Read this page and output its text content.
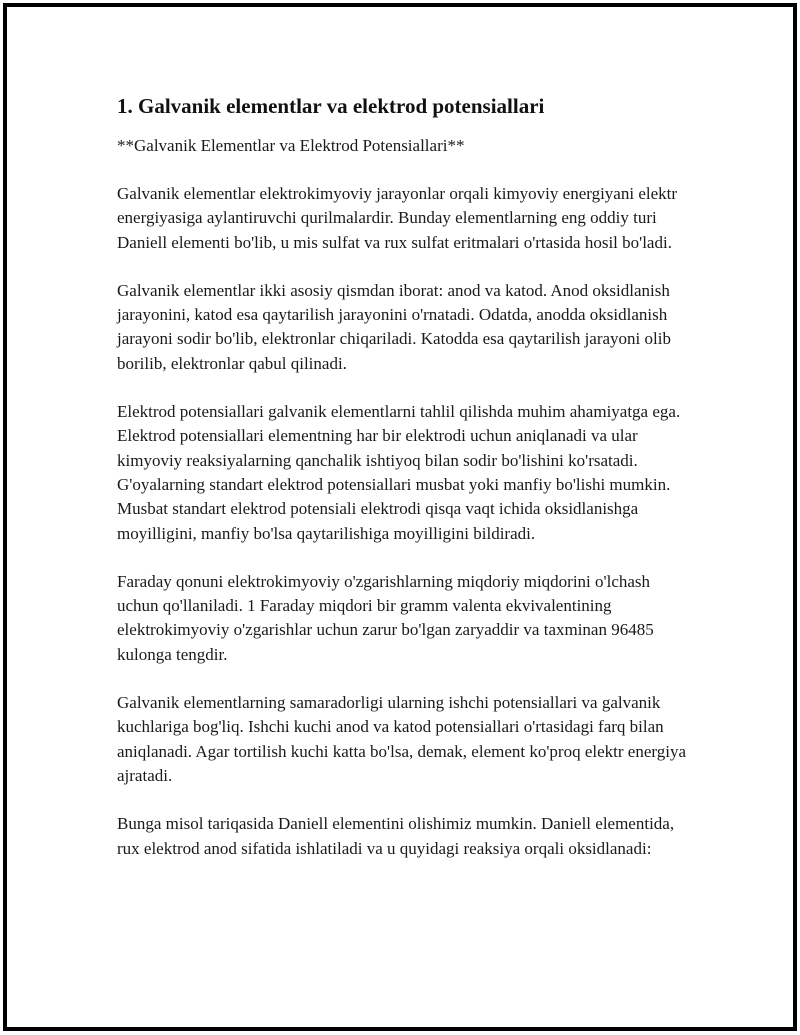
1. Galvanik elementlar va elektrod potensiallari

**Galvanik Elementlar va Elektrod Potensiallari**

Galvanik elementlar elektrokimyoviy jarayonlar orqali kimyoviy energiyani elektr energiyasiga aylantiruvchi qurilmalardir. Bunday elementlarning eng oddiy turi Daniell elementi bo'lib, u mis sulfat va rux sulfat eritmalari o'rtasida hosil bo'ladi.

Galvanik elementlar ikki asosiy qismdan iborat: anod va katod. Anod oksidlanish jarayonini, katod esa qaytarilish jarayonini o'rnatadi. Odatda, anodda oksidlanish jarayoni sodir bo'lib, elektronlar chiqariladi. Katodda esa qaytarilish jarayoni olib borilib, elektronlar qabul qilinadi.

Elektrod potensiallari galvanik elementlarni tahlil qilishda muhim ahamiyatga ega. Elektrod potensiallari elementning har bir elektrodi uchun aniqlanadi va ular kimyoviy reaksiyalarning qanchalik ishtiyoq bilan sodir bo'lishini ko'rsatadi. G'oyalarning standart elektrod potensiallari musbat yoki manfiy bo'lishi mumkin. Musbat standart elektrod potensiali elektrodi qisqa vaqt ichida oksidlanishga moyilligini, manfiy bo'lsa qaytarilishiga moyilligini bildiradi.

Faraday qonuni elektrokimyoviy o'zgarishlarning miqdoriy miqdorini o'lchash uchun qo'llaniladi. 1 Faraday miqdori bir gramm valenta ekvivalentining elektrokimyoviy o'zgarishlar uchun zarur bo'lgan zaryaddir va taxminan 96485 kulonga tengdir.

Galvanik elementlarning samaradorligi ularning ishchi potensiallari va galvanik kuchlariga bog'liq. Ishchi kuchi anod va katod potensiallari o'rtasidagi farq bilan aniqlanadi. Agar tortilish kuchi katta bo'lsa, demak, element ko'proq elektr energiya ajratadi.

Bunga misol tariqasida Daniell elementini olishimiz mumkin. Daniell elementida, rux elektrod anod sifatida ishlatiladi va u quyidagi reaksiya orqali oksidlanadi:
